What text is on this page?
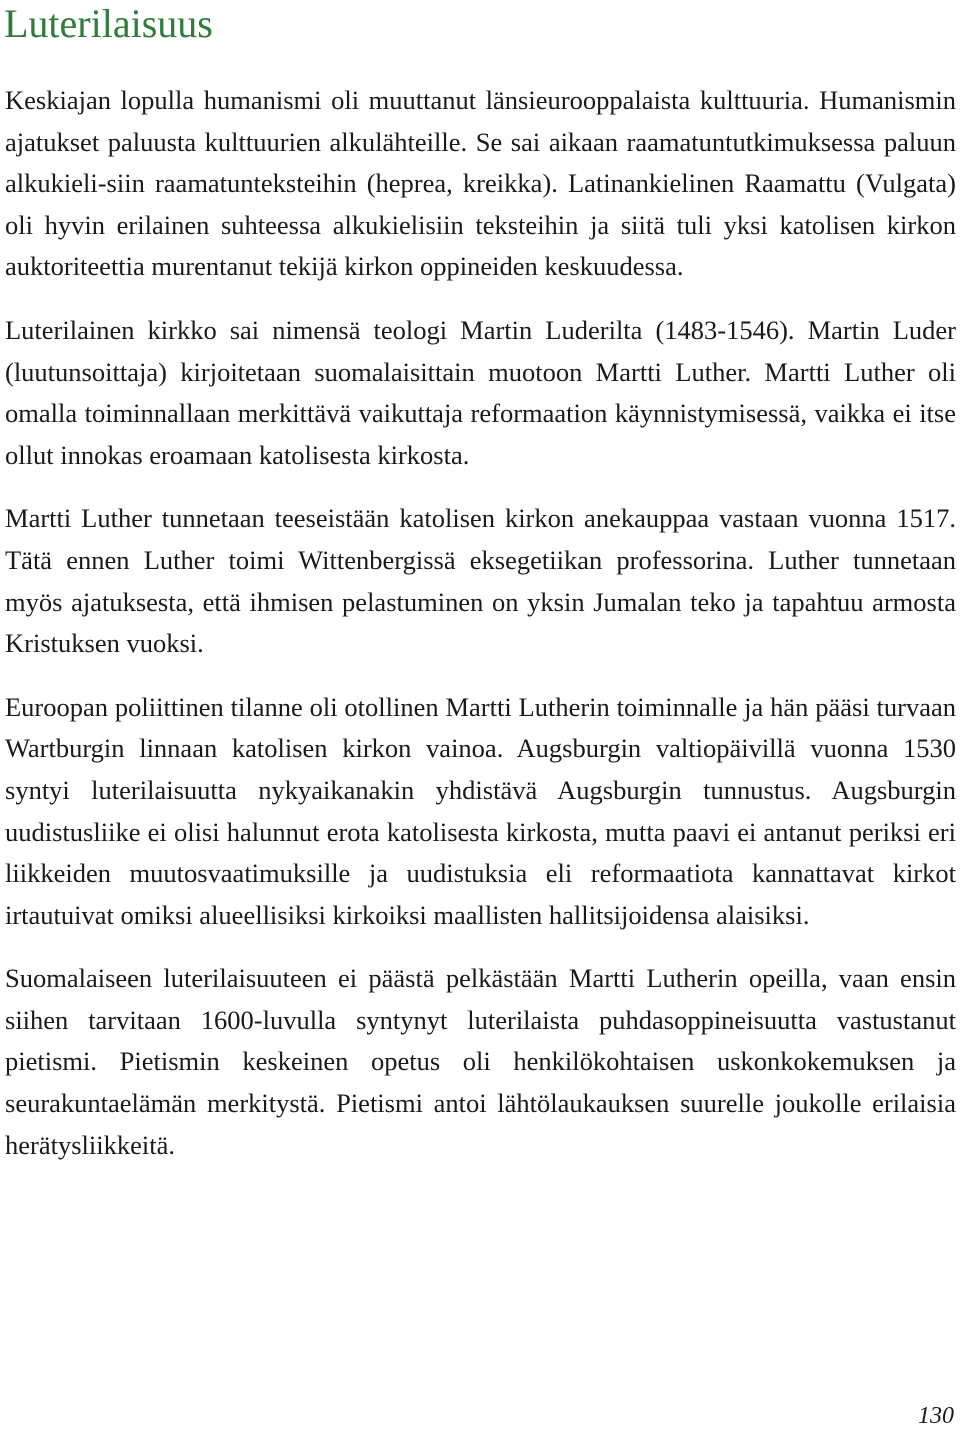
Luterilaisuus

Keskiajan lopulla humanismi oli muuttanut länsieurooppalaista kulttuuria. Humanismin ajatukset paluusta kulttuurien alkulähteille. Se sai aikaan raamatuntutkimuksessa paluun alkukieli-siin raamatunteksteihin (heprea, kreikka). Latinankielinen Raamattu (Vulgata) oli hyvin erilainen suhteessa alkukielisiin teksteihin ja siitä tuli yksi katolisen kirkon auktoriteettia murentanut tekijä kirkon oppineiden keskuudessa.

Luterilainen kirkko sai nimensä teologi Martin Luderilta (1483-1546). Martin Luder (luutunsoittaja) kirjoitetaan suomalaisittain muotoon Martti Luther. Martti Luther oli omalla toiminnallaan merkittävä vaikuttaja reformaation käynnistymisessä, vaikka ei itse ollut innokas eroamaan katolisesta kirkosta.

Martti Luther tunnetaan teeseistään katolisen kirkon anekauppaa vastaan vuonna 1517. Tätä ennen Luther toimi Wittenbergissä eksegetiikan professorina. Luther tunnetaan myös ajatuksesta, että ihmisen pelastuminen on yksin Jumalan teko ja tapahtuu armosta Kristuksen vuoksi.

Euroopan poliittinen tilanne oli otollinen Martti Lutherin toiminnalle ja hän pääsi turvaan Wartburgin linnaan katolisen kirkon vainoa. Augsburgin valtiopäivillä vuonna 1530 syntyi luterilaisuutta nykyaikanakin yhdistävä Augsburgin tunnustus. Augsburgin uudistusliike ei olisi halunnut erota katolisesta kirkosta, mutta paavi ei antanut periksi eri liikkeiden muutosvaatimuksille ja uudistuksia eli reformaatiota kannattavat kirkot irtautuivat omiksi alueellisiksi kirkoiksi maallisten hallitsijoidensa alaisiksi.

Suomalaiseen luterilaisuuteen ei päästä pelkästään Martti Lutherin opeilla, vaan ensin siihen tarvitaan 1600-luvulla syntynyt luterilaista puhdasoppineisuutta vastustanut pietismi. Pietismin keskeinen opetus oli henkilökohtaisen uskonkokemuksen ja seurakuntaelämän merkitystä. Pietismi antoi lähtölaukauksen suurelle joukolle erilaisia herätysliikkeitä.

130
